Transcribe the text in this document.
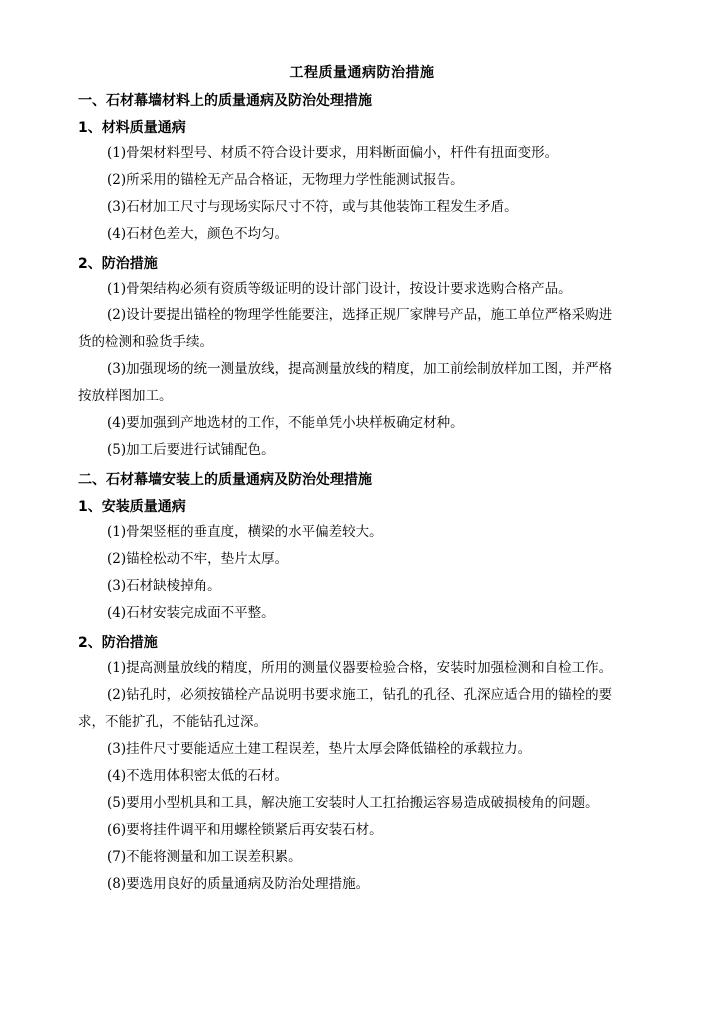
工程质量通病防治措施
一、石材幕墙材料上的质量通病及防治处理措施
1、材料质量通病
(1)骨架材料型号、材质不符合设计要求，用料断面偏小，杆件有扭面变形。
(2)所采用的锚栓无产品合格证，无物理力学性能测试报告。
(3)石材加工尺寸与现场实际尺寸不符，或与其他装饰工程发生矛盾。
(4)石材色差大，颜色不均匀。
2、防治措施
(1)骨架结构必须有资质等级证明的设计部门设计，按设计要求选购合格产品。
(2)设计要提出锚栓的物理学性能要注，选择正规厂家牌号产品，施工单位严格采购进
货的检测和验货手续。
(3)加强现场的统一测量放线，提高测量放线的精度，加工前绘制放样加工图，并严格
按放样图加工。
(4)要加强到产地选材的工作，不能单凭小块样板确定材种。
(5)加工后要进行试铺配色。
二、石材幕墙安装上的质量通病及防治处理措施
1、安装质量通病
(1)骨架竖框的垂直度，横梁的水平偏差较大。
(2)锚栓松动不牢，垫片太厚。
(3)石材缺棱掉角。
(4)石材安装完成面不平整。
2、防治措施
(1)提高测量放线的精度，所用的测量仪器要检验合格，安装时加强检测和自检工作。
(2)钻孔时，必须按锚栓产品说明书要求施工，钻孔的孔径、孔深应适合用的锚栓的要
求，不能扩孔，不能钻孔过深。
(3)挂件尺寸要能适应土建工程误差，垫片太厚会降低锚栓的承载拉力。
(4)不选用体积密太低的石材。
(5)要用小型机具和工具，解决施工安装时人工扛抬搬运容易造成破损棱角的问题。
(6)要将挂件调平和用螺栓锁紧后再安装石材。
(7)不能将测量和加工误差积累。
(8)要选用良好的质量通病及防治处理措施。
